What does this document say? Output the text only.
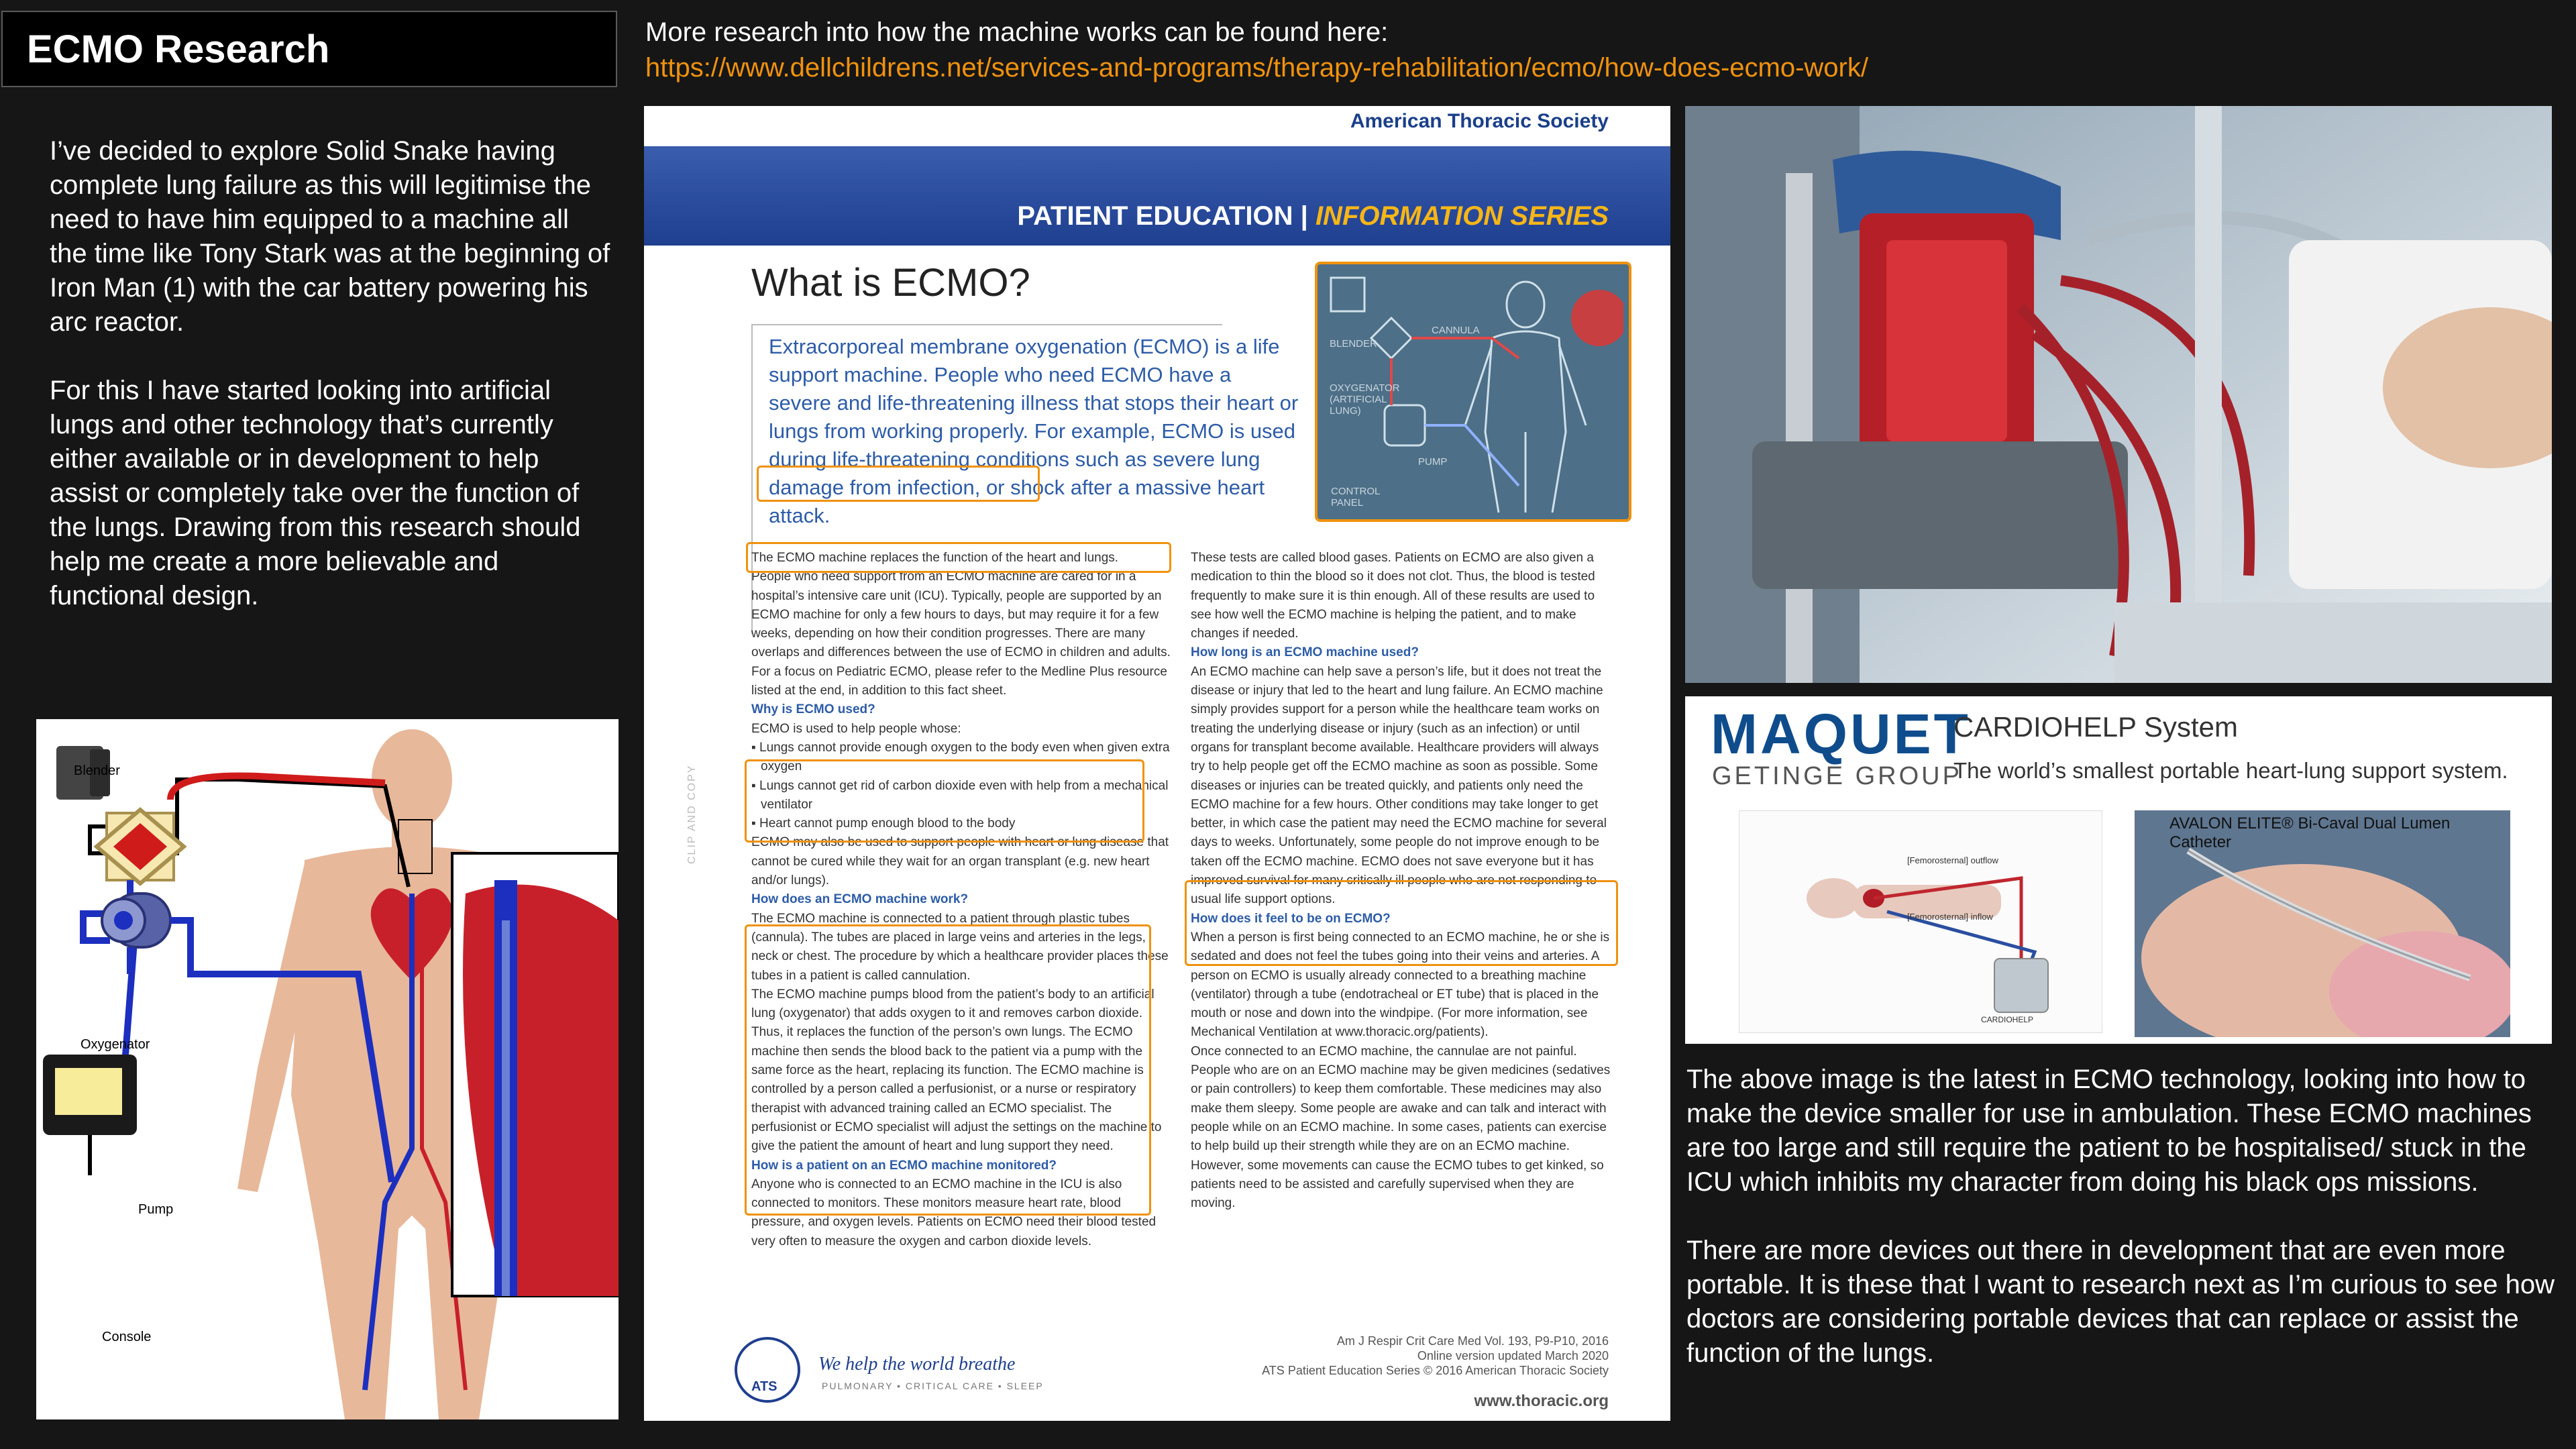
ECMO Research

I’ve decided to explore Solid Snake having complete lung failure as this will legitimise the need to have him equipped to a machine all the time like Tony Stark was at the beginning of Iron Man (1) with the car battery powering his arc reactor.

For this I have started looking into artificial lungs and other technology that’s currently either available or in development to help assist or completely take over the function of the lungs. Drawing from this research should help me create a more believable and functional design.

More research into how the machine works can be found here:
https://www.dellchildrens.net/services-and-programs/therapy-rehabilitation/ecmo/how-does-ecmo-work/
Blender
Oxygenator
Pump
Console
American Thoracic Society
PATIENT EDUCATION | INFORMATION SERIES
What is ECMO?
Extracorporeal membrane oxygenation (ECMO) is a life support machine. People who need ECMO have a severe and life-threatening illness that stops their heart or lungs from working properly. For example, ECMO is used during life-threatening conditions such as severe lung damage from infection, or shock after a massive heart attack.
BLENDER
CANNULA
OXYGENATOR (ARTIFICIAL LUNG)
PUMP
CONTROL PANEL
CLIP AND COPY

The ECMO machine replaces the function of the heart and lungs.

People who need support from an ECMO machine are cared for in a hospital’s intensive care unit (ICU). Typically, people are supported by an ECMO machine for only a few hours to days, but may require it for a few weeks, depending on how their condition progresses. There are many overlaps and differences between the use of ECMO in children and adults. For a focus on Pediatric ECMO, please refer to the Medline Plus resource listed at the end, in addition to this fact sheet.

Why is ECMO used?

ECMO is used to help people whose:

▪ Lungs cannot provide enough oxygen to the body even when given extra oxygen

▪ Lungs cannot get rid of carbon dioxide even with help from a mechanical ventilator

▪ Heart cannot pump enough blood to the body

ECMO may also be used to support people with heart or lung disease that cannot be cured while they wait for an organ transplant (e.g. new heart and/or lungs).

How does an ECMO machine work?

The ECMO machine is connected to a patient through plastic tubes (cannula). The tubes are placed in large veins and arteries in the legs, neck or chest. The procedure by which a healthcare provider places these tubes in a patient is called cannulation.

The ECMO machine pumps blood from the patient’s body to an artificial lung (oxygenator) that adds oxygen to it and removes carbon dioxide. Thus, it replaces the function of the person’s own lungs. The ECMO machine then sends the blood back to the patient via a pump with the same force as the heart, replacing its function. The ECMO machine is controlled by a person called a perfusionist, or a nurse or respiratory therapist with advanced training called an ECMO specialist. The perfusionist or ECMO specialist will adjust the settings on the machine to give the patient the amount of heart and lung support they need.

How is a patient on an ECMO machine monitored?

Anyone who is connected to an ECMO machine in the ICU is also connected to monitors. These monitors measure heart rate, blood pressure, and oxygen levels. Patients on ECMO need their blood tested very often to measure the oxygen and carbon dioxide levels.

These tests are called blood gases. Patients on ECMO are also given a medication to thin the blood so it does not clot. Thus, the blood is tested frequently to make sure it is thin enough. All of these results are used to see how well the ECMO machine is helping the patient, and to make changes if needed.

How long is an ECMO machine used?

An ECMO machine can help save a person’s life, but it does not treat the disease or injury that led to the heart and lung failure. An ECMO machine simply provides support for a person while the healthcare team works on treating the underlying disease or injury (such as an infection) or until organs for transplant become available. Healthcare providers will always try to help people get off the ECMO machine as soon as possible. Some diseases or injuries can be treated quickly, and patients only need the ECMO machine for a few hours. Other conditions may take longer to get better, in which case the patient may need the ECMO machine for several days to weeks. Unfortunately, some people do not improve enough to be taken off the ECMO machine. ECMO does not save everyone but it has improved survival for many critically ill people who are not responding to usual life support options.

How does it feel to be on ECMO?

When a person is first being connected to an ECMO machine, he or she is sedated and does not feel the tubes going into their veins and arteries. A person on ECMO is usually already connected to a breathing machine (ventilator) through a tube (endotracheal or ET tube) that is placed in the mouth or nose and down into the windpipe. (For more information, see Mechanical Ventilation at www.thoracic.org/patients).

Once connected to an ECMO machine, the cannulae are not painful. People who are on an ECMO machine may be given medicines (sedatives or pain controllers) to keep them comfortable. These medicines may also make them sleepy. Some people are awake and can talk and interact with people while on an ECMO machine. In some cases, patients can exercise to help build up their strength while they are on an ECMO machine. However, some movements can cause the ECMO tubes to get kinked, so patients need to be assisted and carefully supervised when they are moving.

ATS
We help the world breathe
PULMONARY • CRITICAL CARE • SLEEP
Am J Respir Crit Care Med Vol. 193, P9-P10, 2016
Online version updated March 2020
ATS Patient Education Series © 2016 American Thoracic Society
www.thoracic.org
MAQUET
GETINGE GROUP
CARDIOHELP System
The world’s smallest portable heart-lung support system.
[Femorosternal] outflow
[Femorosternal] inflow
CARDIOHELP
AVALON ELITE® Bi-Caval Dual Lumen Catheter

The above image is the latest in ECMO technology, looking into how to make the device smaller for use in ambulation. These ECMO machines are too large and still require the patient to be hospitalised/ stuck in the ICU which inhibits my character from doing his black ops missions.

There are more devices out there in development that are even more portable. It is these that I want to research next as I’m curious to see how doctors are considering portable devices that can replace or assist the function of the lungs.
